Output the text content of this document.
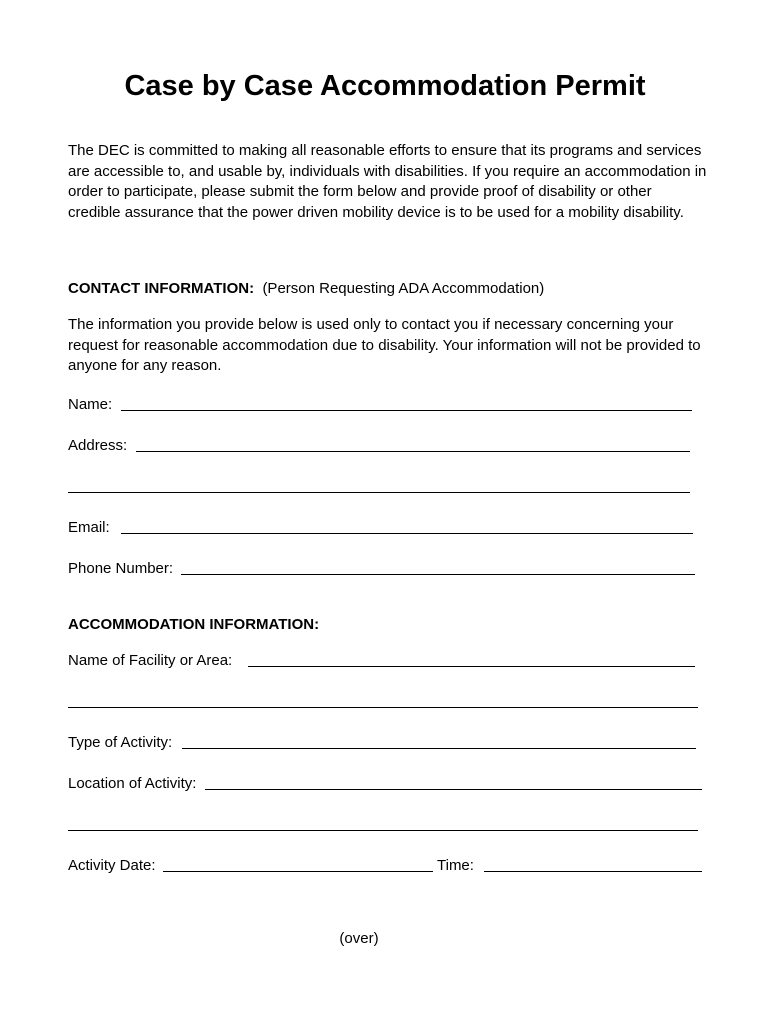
Case by Case Accommodation Permit

The DEC is committed to making all reasonable efforts to ensure that its programs and services are accessible to, and usable by, individuals with disabilities. If you require an accommodation in order to participate, please submit the form below and provide proof of disability or other credible assurance that the power driven mobility device is to be used for a mobility disability.

CONTACT INFORMATION: (Person Requesting ADA Accommodation)

The information you provide below is used only to contact you if necessary concerning your request for reasonable accommodation due to disability. Your information will not be provided to anyone for any reason.

Name:
Address:
Email:
Phone Number:
ACCOMMODATION INFORMATION:
Name of Facility or Area:
Type of Activity:
Location of Activity:
Activity Date:	Time:
(over)
